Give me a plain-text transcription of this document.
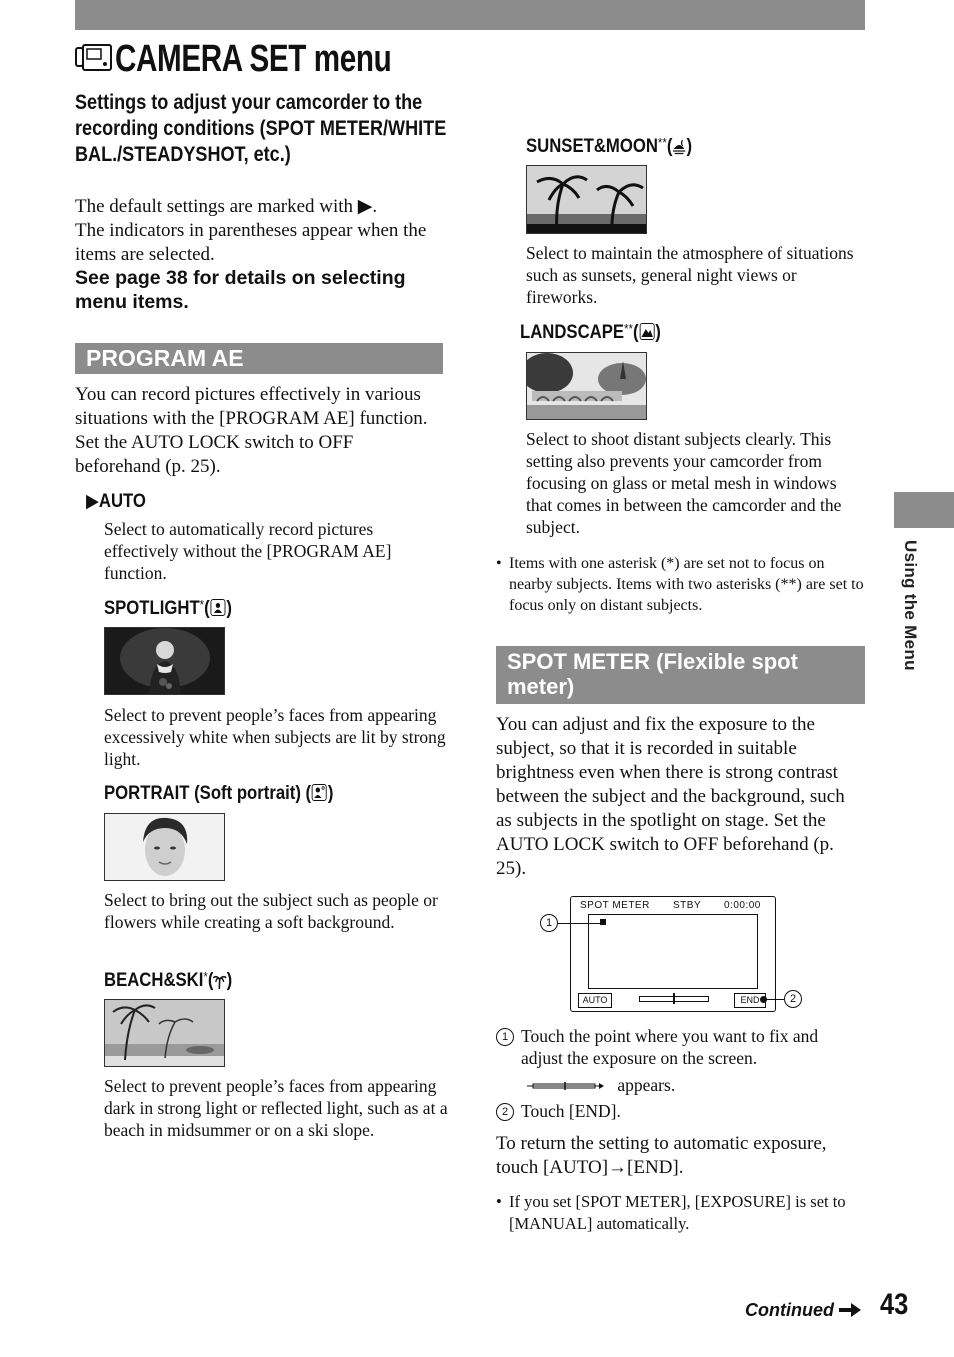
Using the Menu
CAMERA SET menu
Settings to adjust your camcorder to the recording conditions (SPOT METER/WHITE BAL./STEADYSHOT, etc.)
The default settings are marked with ▶.
The indicators in parentheses appear when the items are selected.
See page 38 for details on selecting menu items.
PROGRAM AE
You can record pictures effectively in various situations with the [PROGRAM AE] function. Set the AUTO LOCK switch to OFF beforehand (p. 25).
▶AUTO
Select to automatically record pictures effectively without the [PROGRAM AE] function.
SPOTLIGHT*( )
Select to prevent people’s faces from appearing excessively white when subjects are lit by strong light.
PORTRAIT (Soft portrait) ( )
Select to bring out the subject such as people or flowers while creating a soft background.
BEACH&SKI*( )
Select to prevent people’s faces from appearing dark in strong light or reflected light, such as at a beach in midsummer or on a ski slope.
SUNSET&MOON**( )
Select to maintain the atmosphere of situations such as sunsets, general night views or fireworks.
LANDSCAPE**( )
Select to shoot distant subjects clearly. This setting also prevents your camcorder from focusing on glass or metal mesh in windows that comes in between the camcorder and the subject.
• Items with one asterisk (*) are set not to focus on nearby subjects. Items with two asterisks (**) are set to focus only on distant subjects.
SPOT METER (Flexible spot meter)
You can adjust and fix the exposure to the subject, so that it is recorded in suitable brightness even when there is strong contrast between the subject and the background, such as subjects in the spotlight on stage. Set the AUTO LOCK switch to OFF beforehand (p. 25).
SPOT METER STBY 0:00:00
AUTO	END
1
2
1 Touch the point where you want to fix and adjust the exposure on the screen.
appears.
2 Touch [END].
To return the setting to automatic exposure, touch [AUTO]→[END].
• If you set [SPOT METER], [EXPOSURE] is set to [MANUAL] automatically.
Continued	43
